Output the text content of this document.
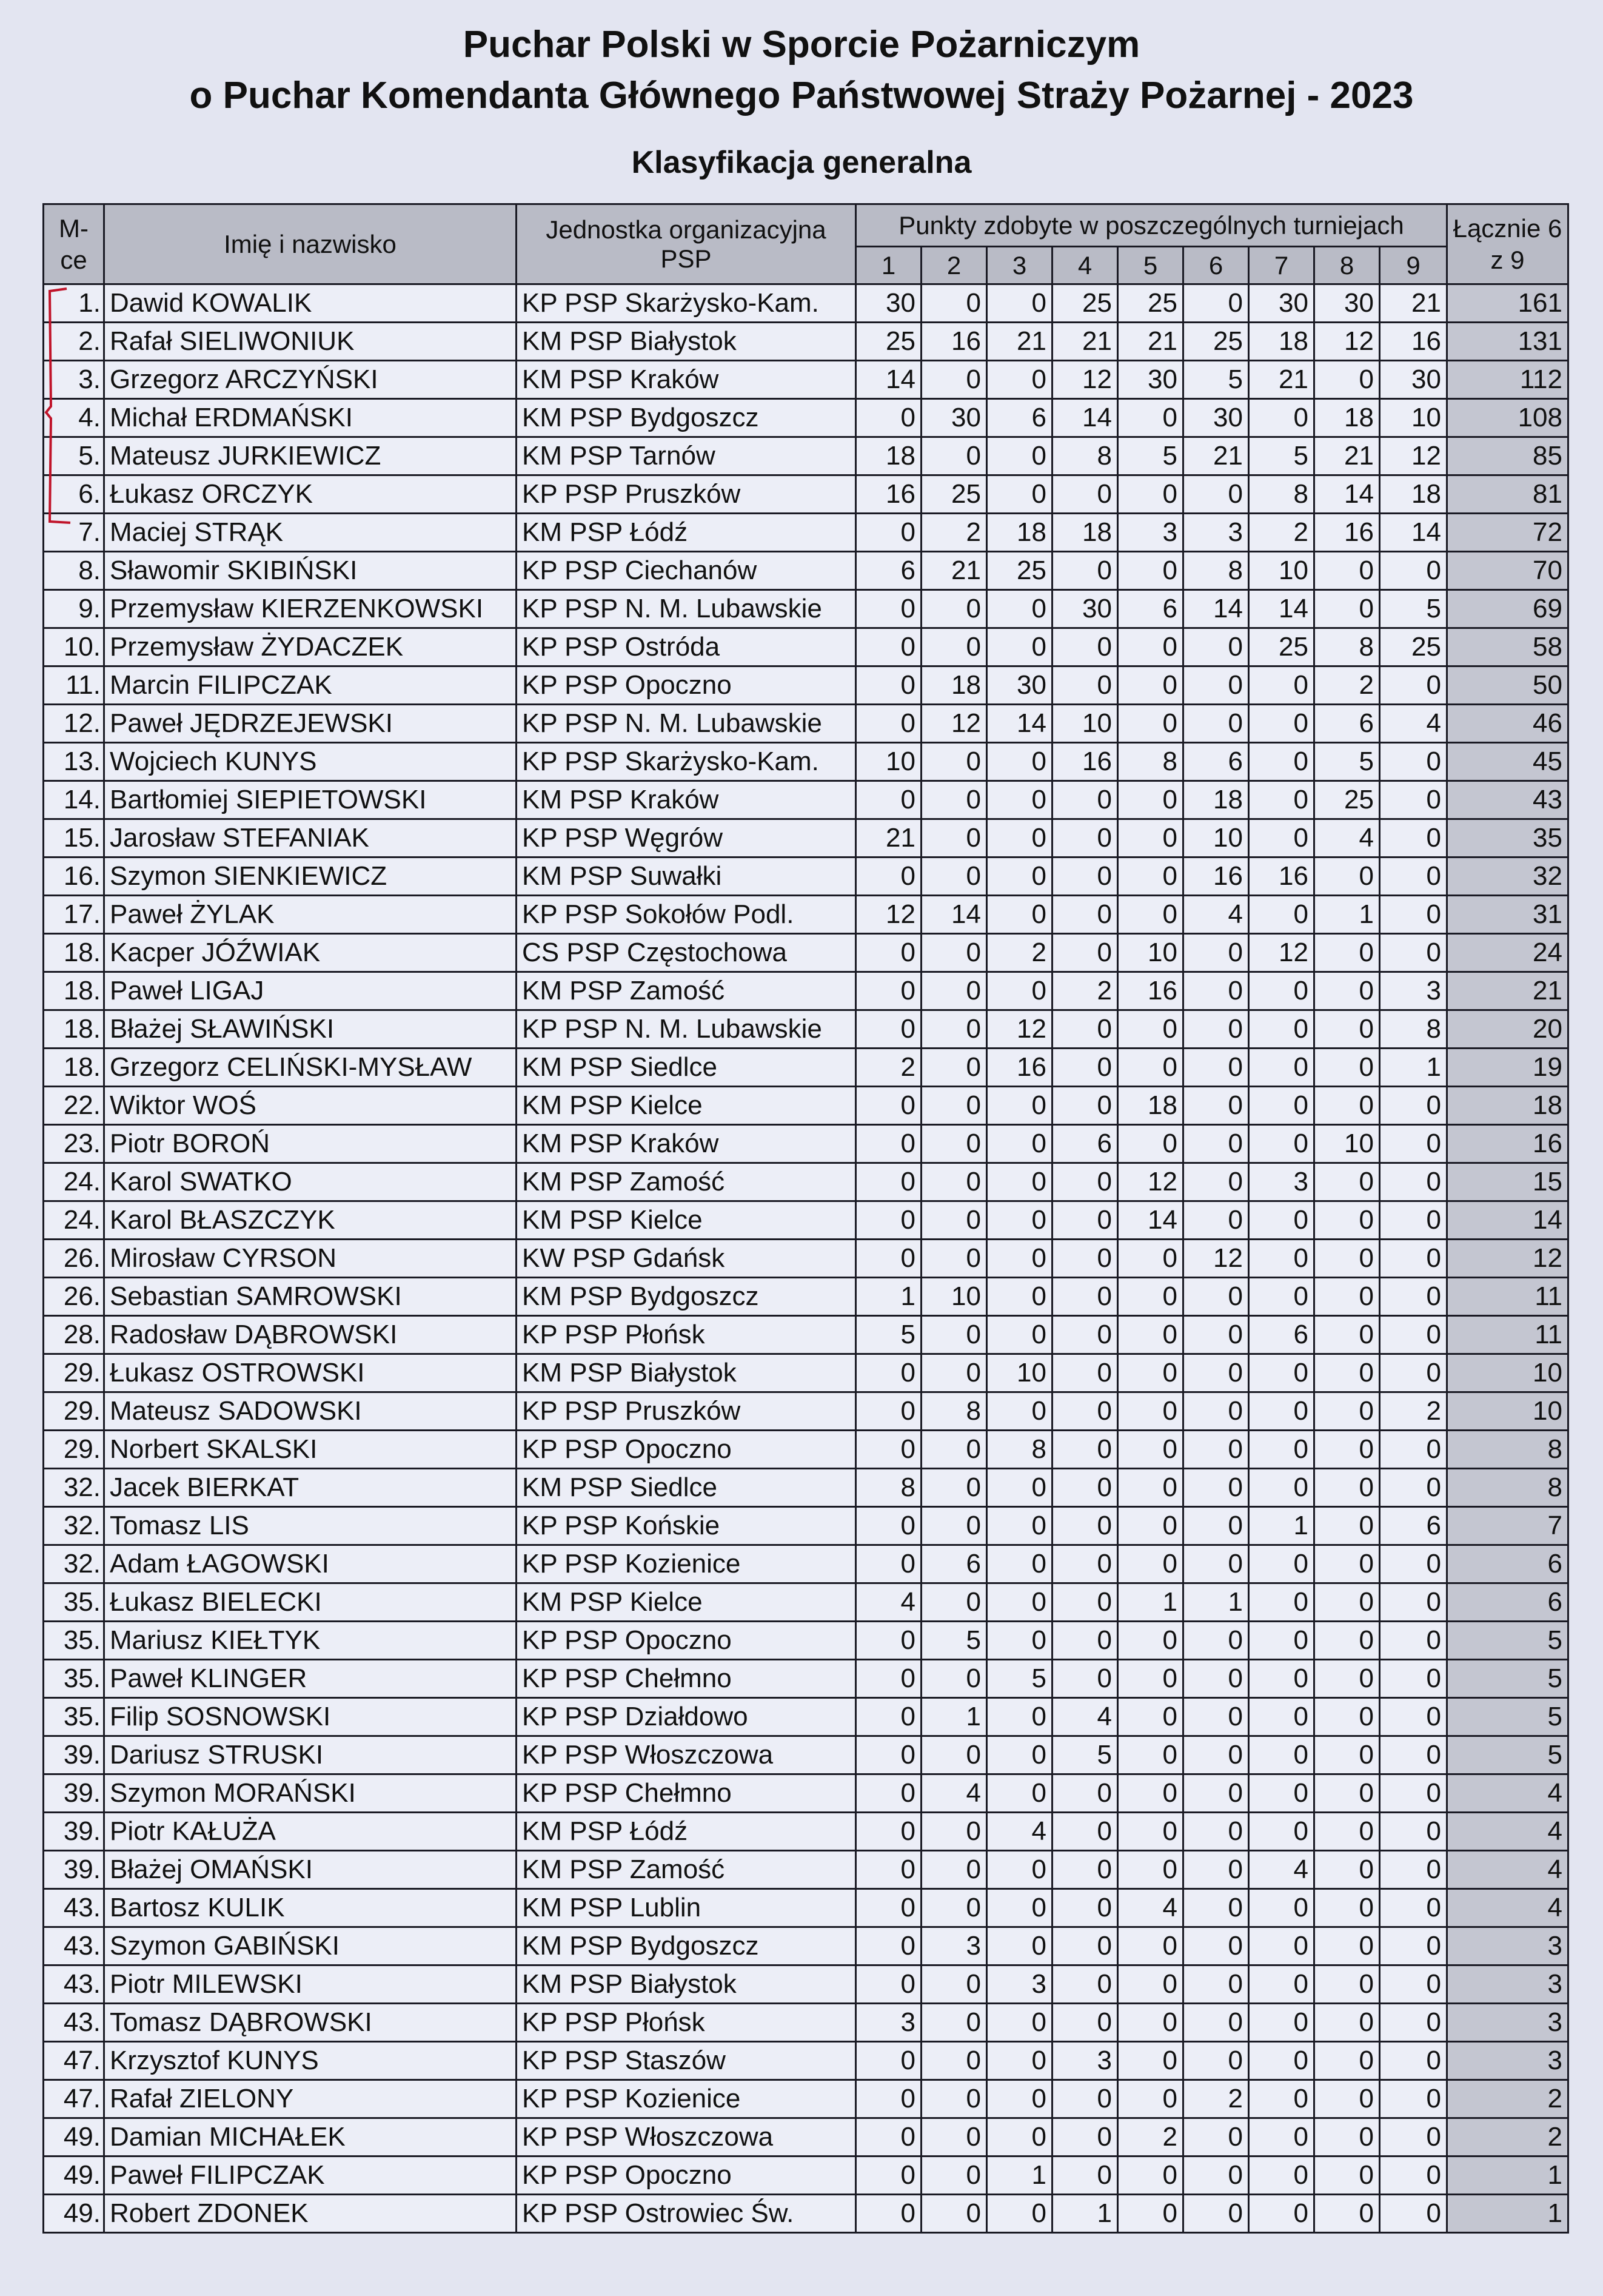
Puchar Polski w Sporcie Pożarniczym
o Puchar Komendanta Głównego Państwowej Straży Pożarnej - 2023
Klasyfikacja generalna
M-ce	Imię i nazwisko	Jednostka organizacyjna PSP	Punkty zdobyte w poszczególnych turniejach									Łącznie 6 z 9
			1	2	3	4	5	6	7	8	9	
1.	Dawid KOWALIK	KP PSP Skarżysko-Kam.	30	0	0	25	25	0	30	30	21	161
2.	Rafał SIELIWONIUK	KM PSP Białystok	25	16	21	21	21	25	18	12	16	131
3.	Grzegorz ARCZYŃSKI	KM PSP Kraków	14	0	0	12	30	5	21	0	30	112
4.	Michał ERDMAŃSKI	KM PSP Bydgoszcz	0	30	6	14	0	30	0	18	10	108
5.	Mateusz JURKIEWICZ	KM PSP Tarnów	18	0	0	8	5	21	5	21	12	85
6.	Łukasz ORCZYK	KP PSP Pruszków	16	25	0	0	0	0	8	14	18	81
7.	Maciej STRĄK	KM PSP Łódź	0	2	18	18	3	3	2	16	14	72
8.	Sławomir SKIBIŃSKI	KP PSP Ciechanów	6	21	25	0	0	8	10	0	0	70
9.	Przemysław KIERZENKOWSKI	KP PSP N. M. Lubawskie	0	0	0	30	6	14	14	0	5	69
10.	Przemysław ŻYDACZEK	KP PSP Ostróda	0	0	0	0	0	0	25	8	25	58
11.	Marcin FILIPCZAK	KP PSP Opoczno	0	18	30	0	0	0	0	2	0	50
12.	Paweł JĘDRZEJEWSKI	KP PSP N. M. Lubawskie	0	12	14	10	0	0	0	6	4	46
13.	Wojciech KUNYS	KP PSP Skarżysko-Kam.	10	0	0	16	8	6	0	5	0	45
14.	Bartłomiej SIEPIETOWSKI	KM PSP Kraków	0	0	0	0	0	18	0	25	0	43
15.	Jarosław STEFANIAK	KP PSP Węgrów	21	0	0	0	0	10	0	4	0	35
16.	Szymon SIENKIEWICZ	KM PSP Suwałki	0	0	0	0	0	16	16	0	0	32
17.	Paweł ŻYLAK	KP PSP Sokołów Podl.	12	14	0	0	0	4	0	1	0	31
18.	Kacper JÓŹWIAK	CS PSP Częstochowa	0	0	2	0	10	0	12	0	0	24
18.	Paweł LIGAJ	KM PSP Zamość	0	0	0	2	16	0	0	0	3	21
18.	Błażej SŁAWIŃSKI	KP PSP N. M. Lubawskie	0	0	12	0	0	0	0	0	8	20
18.	Grzegorz CELIŃSKI-MYSŁAW	KM PSP Siedlce	2	0	16	0	0	0	0	0	1	19
22.	Wiktor WOŚ	KM PSP Kielce	0	0	0	0	18	0	0	0	0	18
23.	Piotr BOROŃ	KM PSP Kraków	0	0	0	6	0	0	0	10	0	16
24.	Karol SWATKO	KM PSP Zamość	0	0	0	0	12	0	3	0	0	15
24.	Karol BŁASZCZYK	KM PSP Kielce	0	0	0	0	14	0	0	0	0	14
26.	Mirosław CYRSON	KW PSP Gdańsk	0	0	0	0	0	12	0	0	0	12
26.	Sebastian SAMROWSKI	KM PSP Bydgoszcz	1	10	0	0	0	0	0	0	0	11
28.	Radosław DĄBROWSKI	KP PSP Płońsk	5	0	0	0	0	0	6	0	0	11
29.	Łukasz OSTROWSKI	KM PSP Białystok	0	0	10	0	0	0	0	0	0	10
29.	Mateusz SADOWSKI	KP PSP Pruszków	0	8	0	0	0	0	0	0	2	10
29.	Norbert SKALSKI	KP PSP Opoczno	0	0	8	0	0	0	0	0	0	8
32.	Jacek BIERKAT	KM PSP Siedlce	8	0	0	0	0	0	0	0	0	8
32.	Tomasz LIS	KP PSP Końskie	0	0	0	0	0	0	1	0	6	7
32.	Adam ŁAGOWSKI	KP PSP Kozienice	0	6	0	0	0	0	0	0	0	6
35.	Łukasz BIELECKI	KM PSP Kielce	4	0	0	0	1	1	0	0	0	6
35.	Mariusz KIEŁTYK	KP PSP Opoczno	0	5	0	0	0	0	0	0	0	5
35.	Paweł KLINGER	KP PSP Chełmno	0	0	5	0	0	0	0	0	0	5
35.	Filip SOSNOWSKI	KP PSP Działdowo	0	1	0	4	0	0	0	0	0	5
39.	Dariusz STRUSKI	KP PSP Włoszczowa	0	0	0	5	0	0	0	0	0	5
39.	Szymon MORAŃSKI	KP PSP Chełmno	0	4	0	0	0	0	0	0	0	4
39.	Piotr KAŁUŻA	KM PSP Łódź	0	0	4	0	0	0	0	0	0	4
39.	Błażej OMAŃSKI	KM PSP Zamość	0	0	0	0	0	0	4	0	0	4
43.	Bartosz KULIK	KM PSP Lublin	0	0	0	0	4	0	0	0	0	4
43.	Szymon GABIŃSKI	KM PSP Bydgoszcz	0	3	0	0	0	0	0	0	0	3
43.	Piotr MILEWSKI	KM PSP Białystok	0	0	3	0	0	0	0	0	0	3
43.	Tomasz DĄBROWSKI	KP PSP Płońsk	3	0	0	0	0	0	0	0	0	3
47.	Krzysztof KUNYS	KP PSP Staszów	0	0	0	3	0	0	0	0	0	3
47.	Rafał ZIELONY	KP PSP Kozienice	0	0	0	0	0	2	0	0	0	2
49.	Damian MICHAŁEK	KP PSP Włoszczowa	0	0	0	0	2	0	0	0	0	2
49.	Paweł FILIPCZAK	KP PSP Opoczno	0	0	1	0	0	0	0	0	0	1
49.	Robert ZDONEK	KP PSP Ostrowiec Św.	0	0	0	1	0	0	0	0	0	1
